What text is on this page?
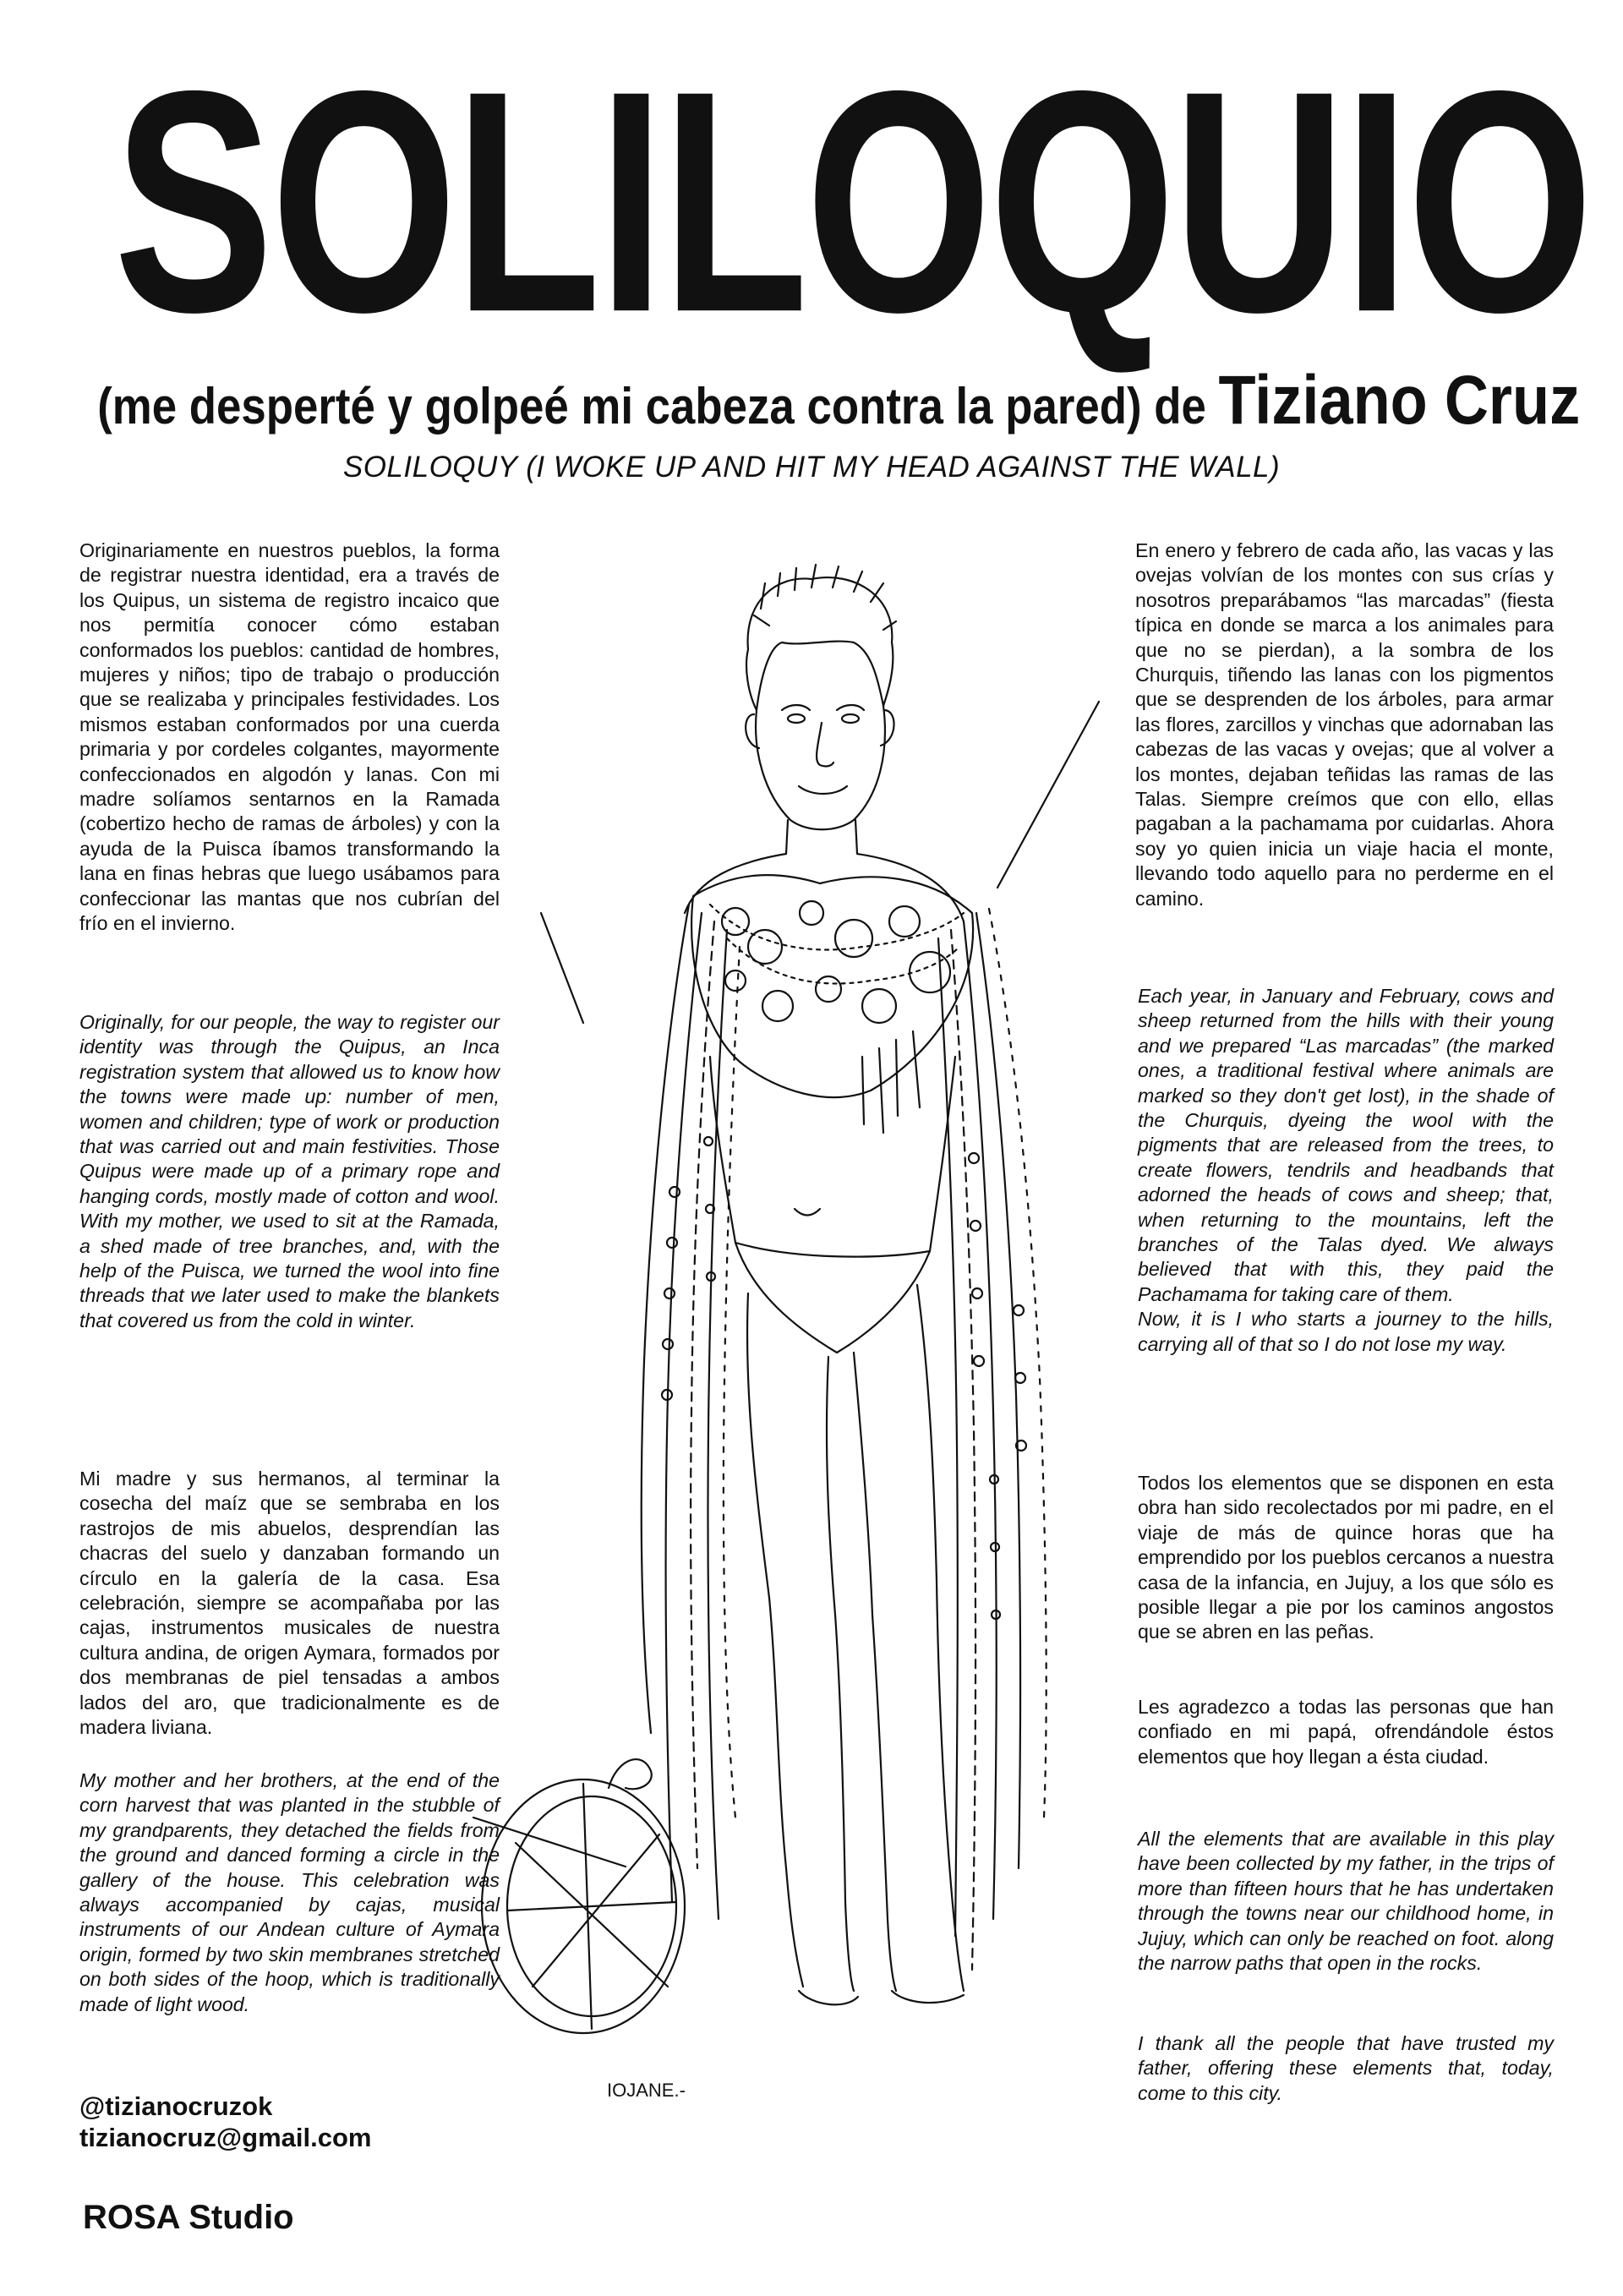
SOLILOQUIO
(me desperté y golpeé mi cabeza contra la pared) de Tiziano Cruz
SOLILOQUY (I WOKE UP AND HIT MY HEAD AGAINST THE WALL)
Originariamente en nuestros pueblos, la forma de registrar nuestra identidad, era a través de los Quipus, un sistema de registro incaico que nos permitía conocer cómo estaban conformados los pueblos: cantidad de hombres, mujeres y niños; tipo de trabajo o producción que se realizaba y principales festividades. Los mismos estaban conformados por una cuerda primaria y por cordeles colgantes, mayormente confeccionados en algodón y lanas. Con mi madre solíamos sentarnos en la Ramada (cobertizo hecho de ramas de árboles) y con la ayuda de la Puisca íbamos transformando la lana en finas hebras que luego usábamos para confeccionar las mantas que nos cubrían del frío en el invierno.
Originally, for our people, the way to register our identity was through the Quipus, an Inca registration system that allowed us to know how the towns were made up: number of men, women and children; type of work or production that was carried out and main festivities. Those Quipus were made up of a primary rope and hanging cords, mostly made of cotton and wool. With my mother, we used to sit at the Ramada, a shed made of tree branches, and, with the help of the Puisca, we turned the wool into fine threads that we later used to make the blankets that covered us from the cold in winter.
Mi madre y sus hermanos, al terminar la cosecha del maíz que se sembraba en los rastrojos de mis abuelos, desprendían las chacras del suelo y danzaban formando un círculo en la galería de la casa. Esa celebración, siempre se acompañaba por las cajas, instrumentos musicales de nuestra cultura andina, de origen Aymara, formados por dos membranas de piel tensadas a ambos lados del aro, que tradicionalmente es de madera liviana.
My mother and her brothers, at the end of the corn harvest that was planted in the stubble of my grandparents, they detached the fields from the ground and danced forming a circle in the gallery of the house. This celebration was always accompanied by cajas, musical instruments of our Andean culture of Aymara origin, formed by two skin membranes stretched on both sides of the hoop, which is traditionally made of light wood.
En enero y febrero de cada año, las vacas y las ovejas volvían de los montes con sus crías y nosotros preparábamos “las marcadas” (fiesta típica en donde se marca a los animales para que no se pierdan), a la sombra de los Churquis, tiñendo las lanas con los pigmentos que se desprenden de los árboles, para armar las flores, zarcillos y vinchas que adornaban las cabezas de las vacas y ovejas; que al volver a los montes, dejaban teñidas las ramas de las Talas. Siempre creímos que con ello, ellas pagaban a la pachamama por cuidarlas. Ahora soy yo quien inicia un viaje hacia el monte, llevando todo aquello para no perderme en el camino.
Each year, in January and February, cows and sheep returned from the hills with their young and we prepared “Las marcadas” (the marked ones, a traditional festival where animals are marked so they don't get lost), in the shade of the Churquis, dyeing the wool with the pigments that are released from the trees, to create flowers, tendrils and headbands that adorned the heads of cows and sheep; that, when returning to the mountains, left the branches of the Talas dyed. We always believed that with this, they paid the Pachamama for taking care of them.
Now, it is I who starts a journey to the hills, carrying all of that so I do not lose my way.
Todos los elementos que se disponen en esta obra han sido recolectados por mi padre, en el viaje de más de quince horas que ha emprendido por los pueblos cercanos a nuestra casa de la infancia, en Jujuy, a los que sólo es posible llegar a pie por los caminos angostos que se abren en las peñas.
Les agradezco a todas las personas que han confiado en mi papá, ofrendándole éstos elementos que hoy llegan a ésta ciudad.
All the elements that are available in this play have been collected by my father, in the trips of more than fifteen hours that he has undertaken through the towns near our childhood home, in Jujuy, which can only be reached on foot. along the narrow paths that open in the rocks.
I thank all the people that have trusted my father, offering these elements that, today, come to this city.
@tizianocruzok
tizianocruz@gmail.com
ROSA Studio
IOJANE.-
